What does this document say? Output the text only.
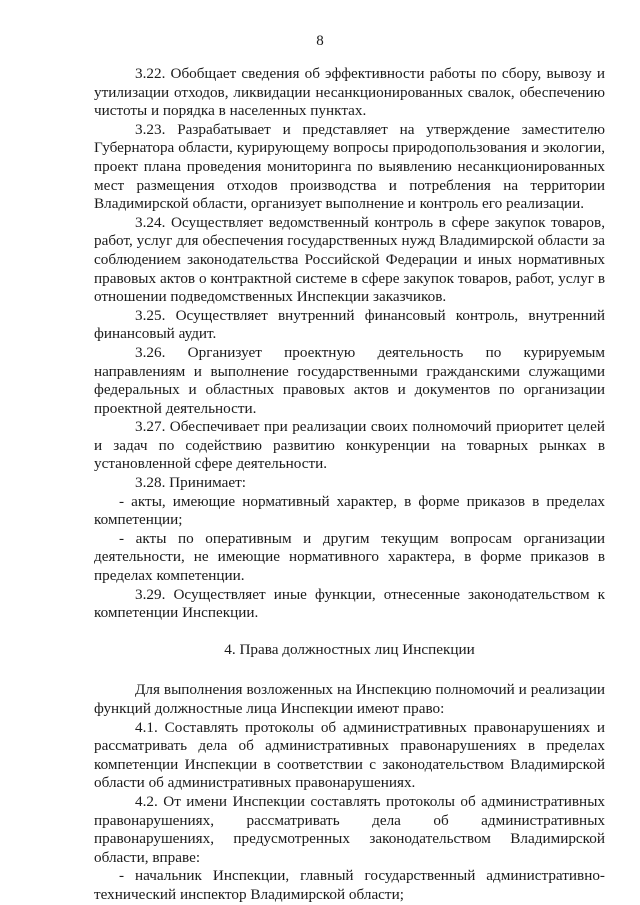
8

3.22. Обобщает сведения об эффективности работы по сбору, вывозу и утилизации отходов, ликвидации несанкционированных свалок, обеспечению чистоты и порядка в населенных пунктах.

3.23. Разрабатывает и представляет на утверждение заместителю Губернатора области, курирующему вопросы природопользования и экологии, проект плана проведения мониторинга по выявлению несанкционированных мест размещения отходов производства и потребления на территории Владимирской области, организует выполнение и контроль его реализации.

3.24. Осуществляет ведомственный контроль в сфере закупок товаров, работ, услуг для обеспечения государственных нужд Владимирской области за соблюдением законодательства Российской Федерации и иных нормативных правовых актов о контрактной системе в сфере закупок товаров, работ, услуг в отношении подведомственных Инспекции заказчиков.

3.25. Осуществляет внутренний финансовый контроль, внутренний финансовый аудит.

3.26. Организует проектную деятельность по курируемым направлениям и выполнение государственными гражданскими служащими федеральных и областных правовых актов и документов по организации проектной деятельности.

3.27. Обеспечивает при реализации своих полномочий приоритет целей и задач по содействию развитию конкуренции на товарных рынках в установленной сфере деятельности.

3.28. Принимает:

- акты, имеющие нормативный характер, в форме приказов в пределах компетенции;

- акты по оперативным и другим текущим вопросам организации деятельности, не имеющие нормативного характера, в форме приказов в пределах компетенции.

3.29. Осуществляет иные функции, отнесенные законодательством к компетенции Инспекции.

4. Права должностных лиц Инспекции

Для выполнения возложенных на Инспекцию полномочий и реализации функций должностные лица Инспекции имеют право:

4.1. Составлять протоколы об административных правонарушениях и рассматривать дела об административных правонарушениях в пределах компетенции Инспекции в соответствии с законодательством Владимирской области об административных правонарушениях.

4.2. От имени Инспекции составлять протоколы об административных правонарушениях, рассматривать дела об административных правонарушениях, предусмотренных законодательством Владимирской области, вправе:

- начальник Инспекции, главный государственный административно-технический инспектор Владимирской области;
